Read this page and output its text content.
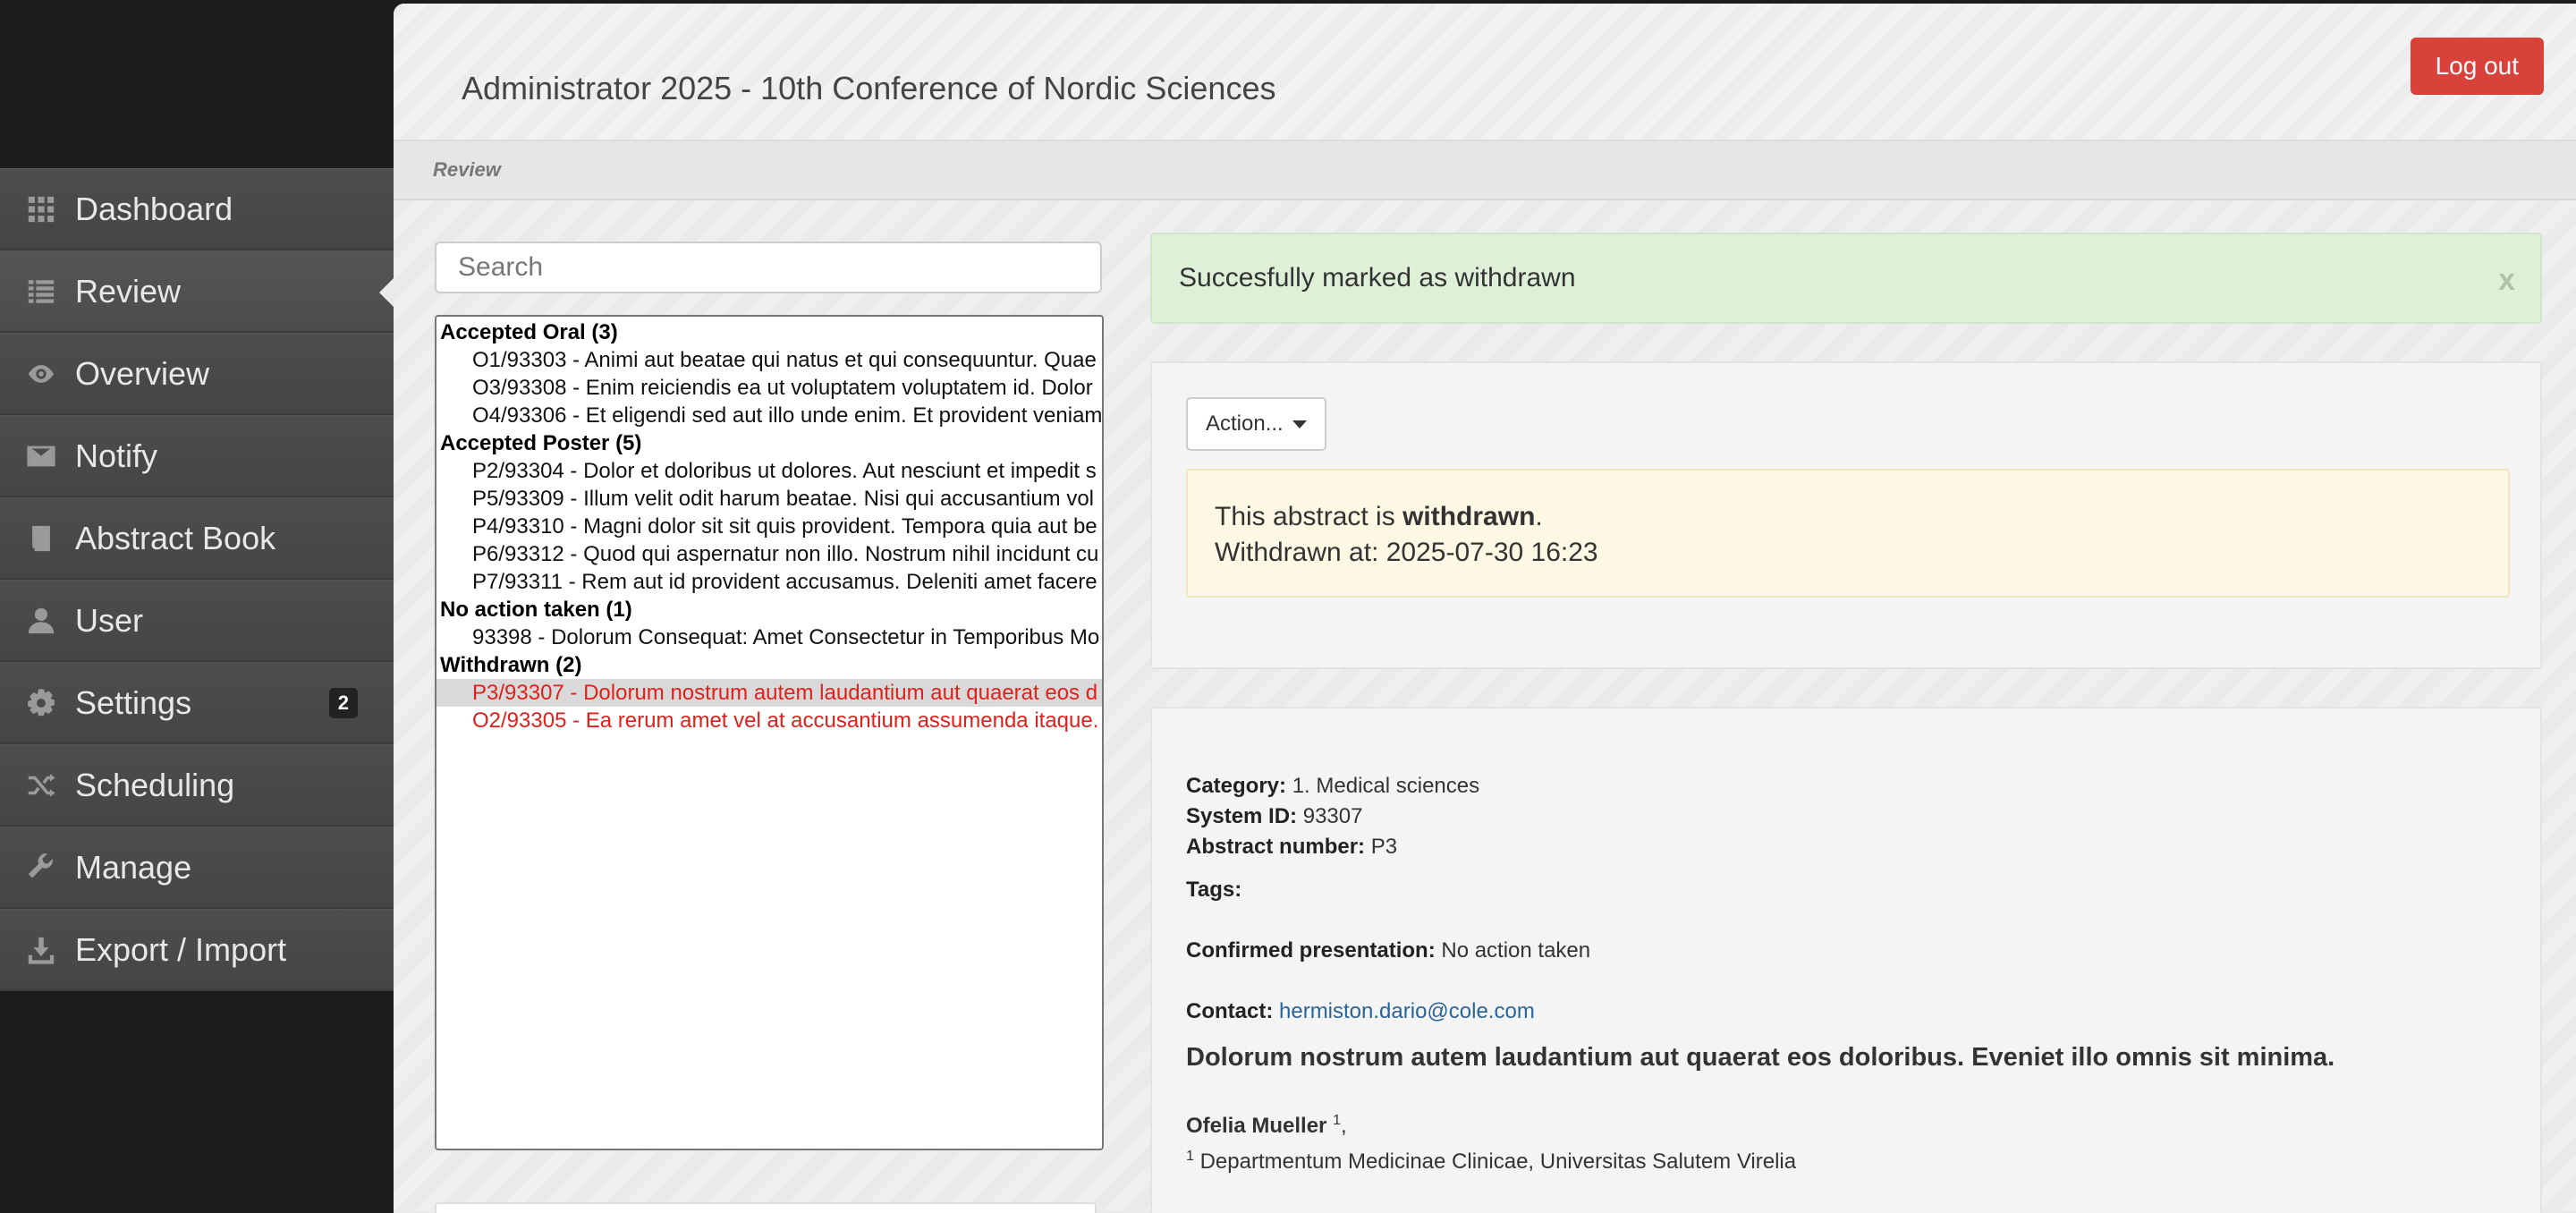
Dashboard
Review
Overview
Notify
Abstract Book
User
Settings	2
Scheduling
Manage
Export / Import
Administrator 2025 - 10th Conference of Nordic Sciences
Log out
Review
Search
Accepted Oral (3)
O1/93303 - Animi aut beatae qui natus et qui consequuntur. Quae
O3/93308 - Enim reiciendis ea ut voluptatem voluptatem id. Dolor
O4/93306 - Et eligendi sed aut illo unde enim. Et provident veniam
Accepted Poster (5)
P2/93304 - Dolor et doloribus ut dolores. Aut nesciunt et impedit s
P5/93309 - Illum velit odit harum beatae. Nisi qui accusantium vol
P4/93310 - Magni dolor sit sit quis provident. Tempora quia aut be
P6/93312 - Quod qui aspernatur non illo. Nostrum nihil incidunt cu
P7/93311 - Rem aut id provident accusamus. Deleniti amet facere
No action taken (1)
93398 - Dolorum Consequat: Amet Consectetur in Temporibus Mo
Withdrawn (2)
P3/93307 - Dolorum nostrum autem laudantium aut quaerat eos d
O2/93305 - Ea rerum amet vel at accusantium assumenda itaque.
Succesfully marked as withdrawn	x
Action...
This abstract is withdrawn.
Withdrawn at: 2025-07-30 16:23
Category: 1. Medical sciences
System ID: 93307
Abstract number: P3
Tags:
Confirmed presentation: No action taken
Contact: hermiston.dario@cole.com
Dolorum nostrum autem laudantium aut quaerat eos doloribus. Eveniet illo omnis sit minima.
Ofelia Mueller $^1$,
$^1$ Departmentum Medicinae Clinicae, Universitas Salutem Virelia
